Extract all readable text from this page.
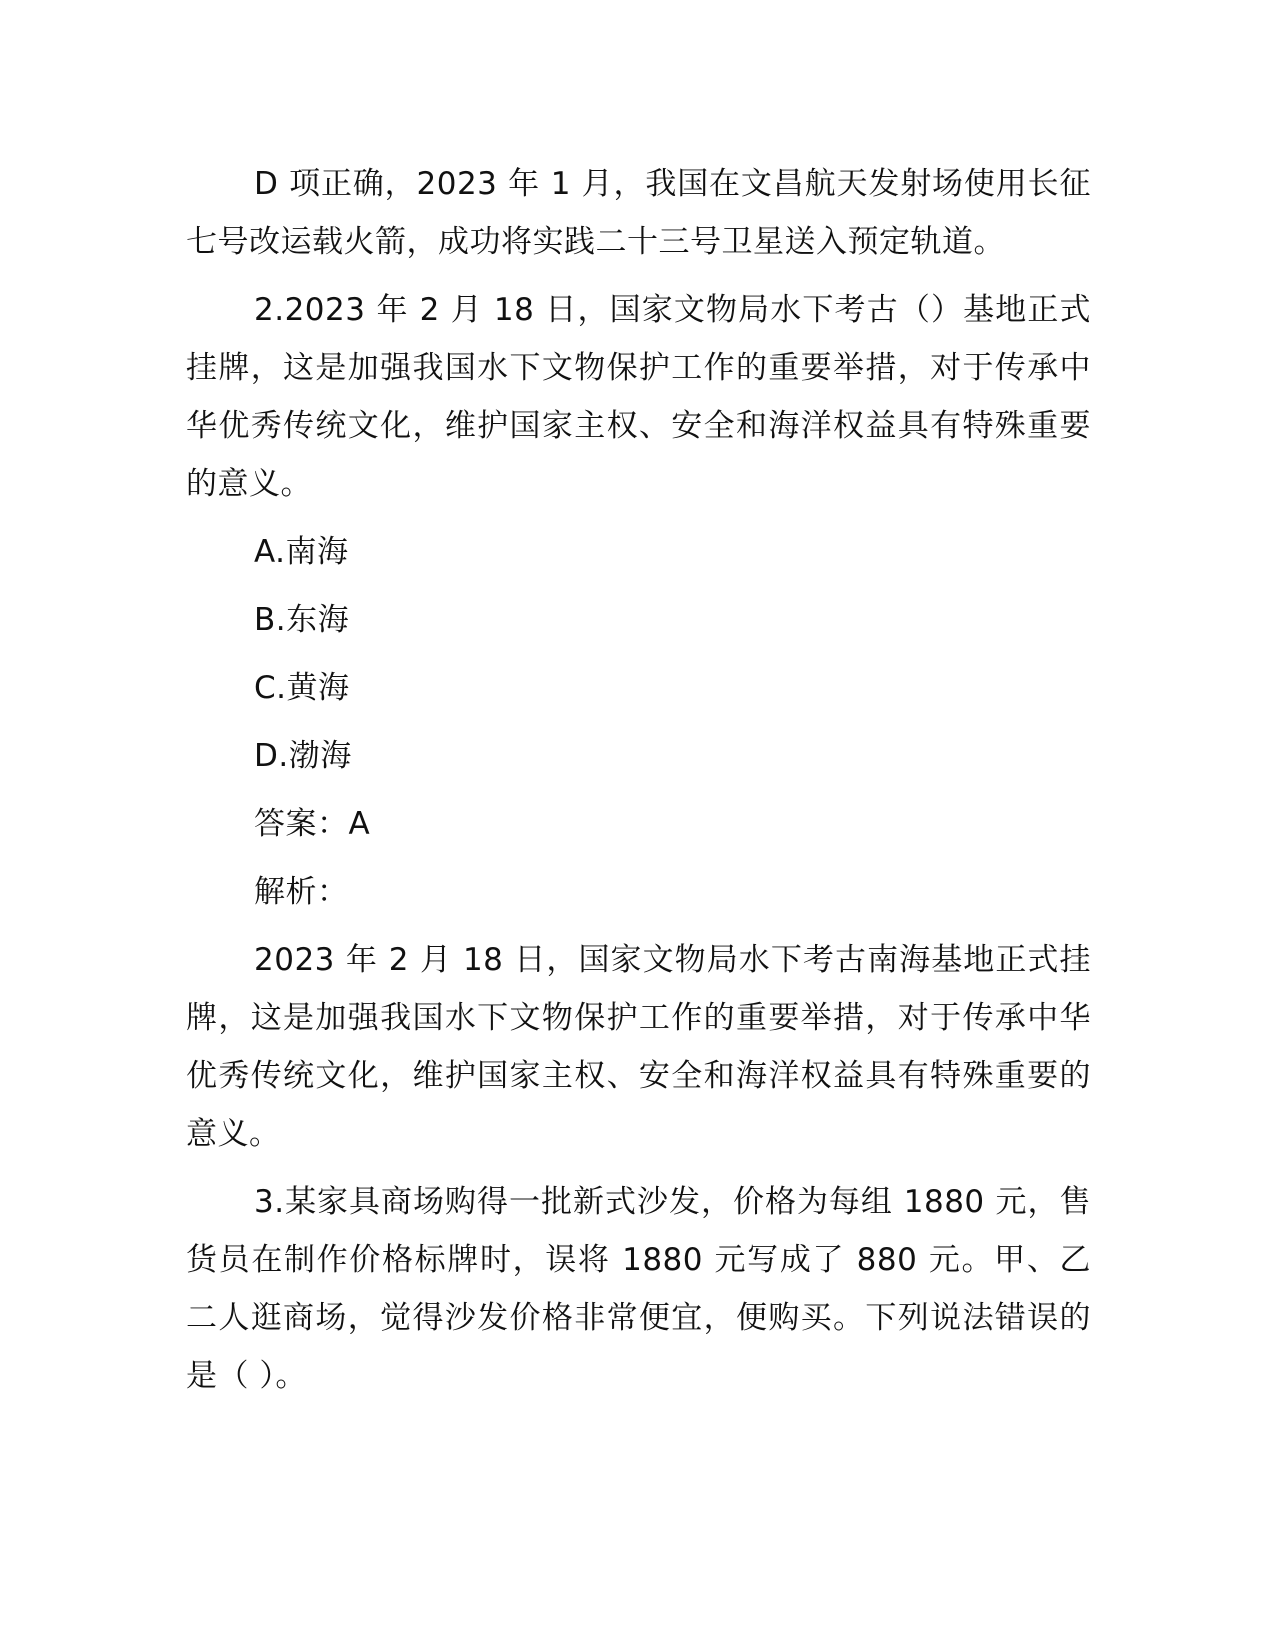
D 项正确，2023 年 1 月，我国在文昌航天发射场使用长征七号改运载火箭，成功将实践二十三号卫星送入预定轨道。

2.2023 年 2 月 18 日，国家文物局水下考古（）基地正式挂牌，这是加强我国水下文物保护工作的重要举措，对于传承中华优秀传统文化，维护国家主权、安全和海洋权益具有特殊重要的意义。

A.南海

B.东海

C.黄海

D.渤海

答案：A

解析：

2023 年 2 月 18 日，国家文物局水下考古南海基地正式挂牌，这是加强我国水下文物保护工作的重要举措，对于传承中华优秀传统文化，维护国家主权、安全和海洋权益具有特殊重要的意义。

3.某家具商场购得一批新式沙发，价格为每组 1880 元，售货员在制作价格标牌时，误将 1880 元写成了 880 元。甲、乙二人逛商场，觉得沙发价格非常便宜，便购买。下列说法错误的是（ ）。
